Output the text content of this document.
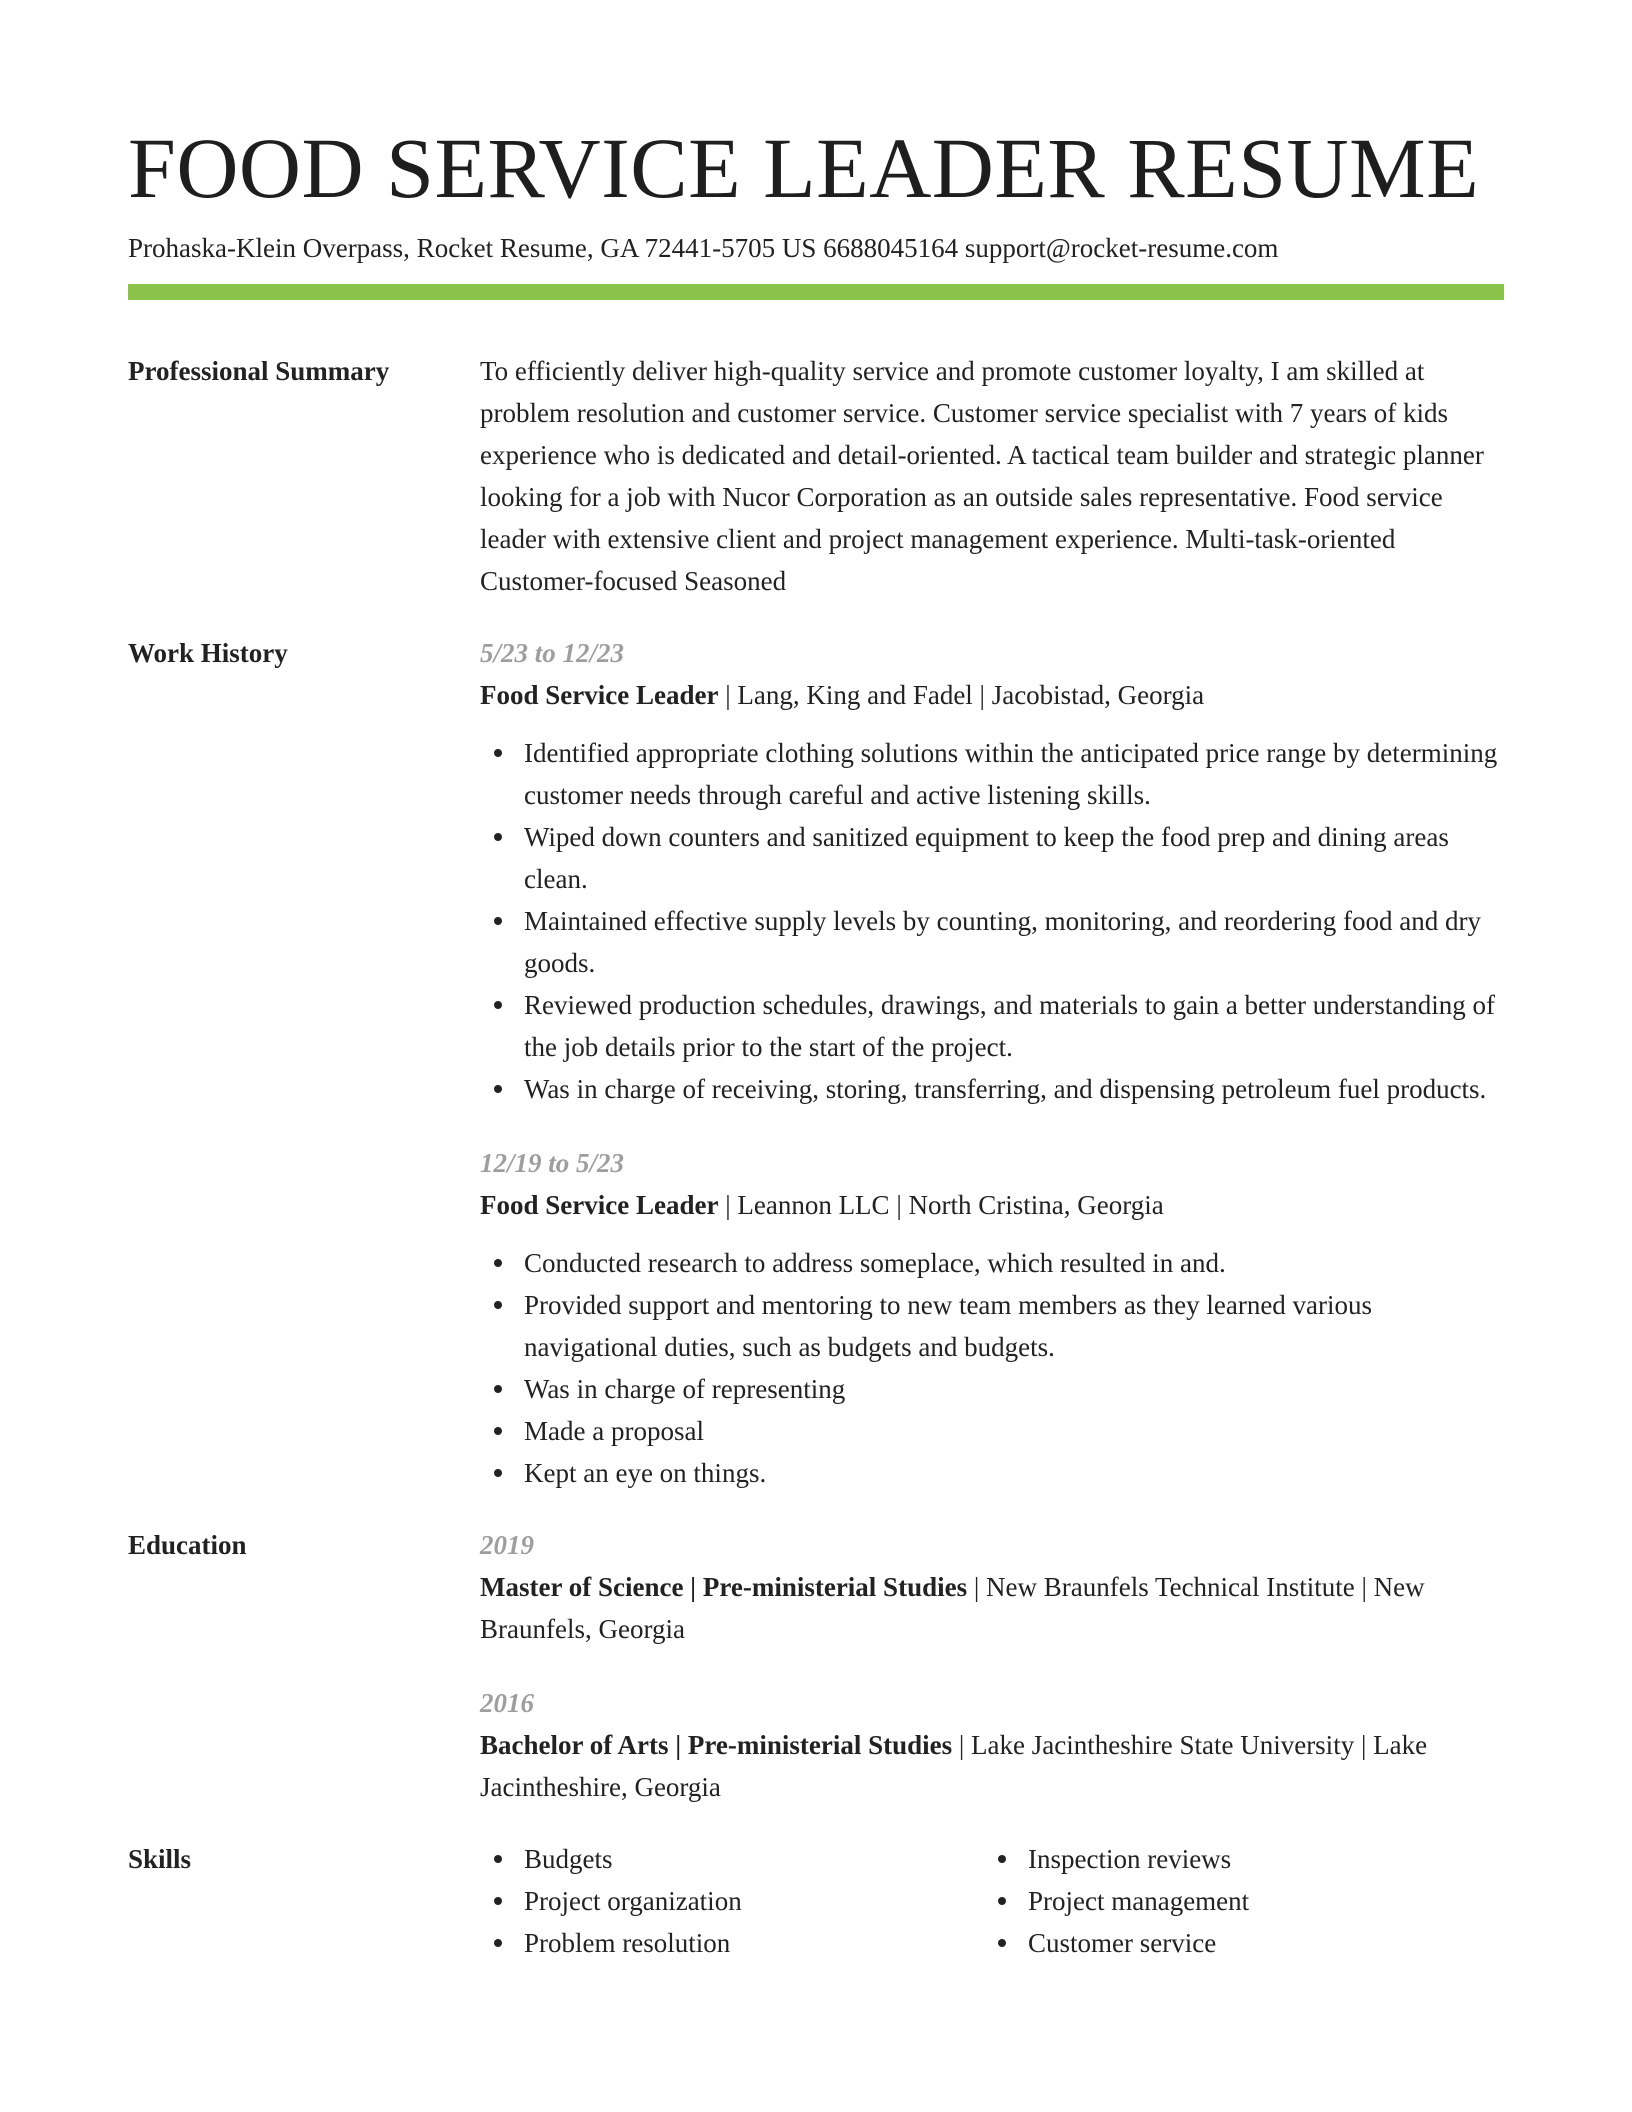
FOOD SERVICE LEADER RESUME
Prohaska-Klein Overpass, Rocket Resume, GA 72441-5705 US 6688045164 support@rocket-resume.com
Professional Summary	To efficiently deliver high-quality service and promote customer loyalty, I am skilled at problem resolution and customer service. Customer service specialist with 7 years of kids experience who is dedicated and detail-oriented. A tactical team builder and strategic planner looking for a job with Nucor Corporation as an outside sales representative. Food service leader with extensive client and project management experience. Multi-task-oriented Customer-focused Seasoned
Work History	5/23 to 12/23
Food Service Leader | Lang, King and Fadel | Jacobistad, Georgia
Identified appropriate clothing solutions within the anticipated price range by determining customer needs through careful and active listening skills.
Wiped down counters and sanitized equipment to keep the food prep and dining areas clean.
Maintained effective supply levels by counting, monitoring, and reordering food and dry goods.
Reviewed production schedules, drawings, and materials to gain a better understanding of the job details prior to the start of the project.
Was in charge of receiving, storing, transferring, and dispensing petroleum fuel products.
12/19 to 5/23
Food Service Leader | Leannon LLC | North Cristina, Georgia
Conducted research to address someplace, which resulted in and.
Provided support and mentoring to new team members as they learned various navigational duties, such as budgets and budgets.
Was in charge of representing
Made a proposal
Kept an eye on things.
Education	2019
Master of Science | Pre-ministerial Studies | New Braunfels Technical Institute | New Braunfels, Georgia
2016
Bachelor of Arts | Pre-ministerial Studies | Lake Jacintheshire State University | Lake Jacintheshire, Georgia
Skills	Budgets
Project organization
Problem resolution
Inspection reviews
Project management
Customer service
